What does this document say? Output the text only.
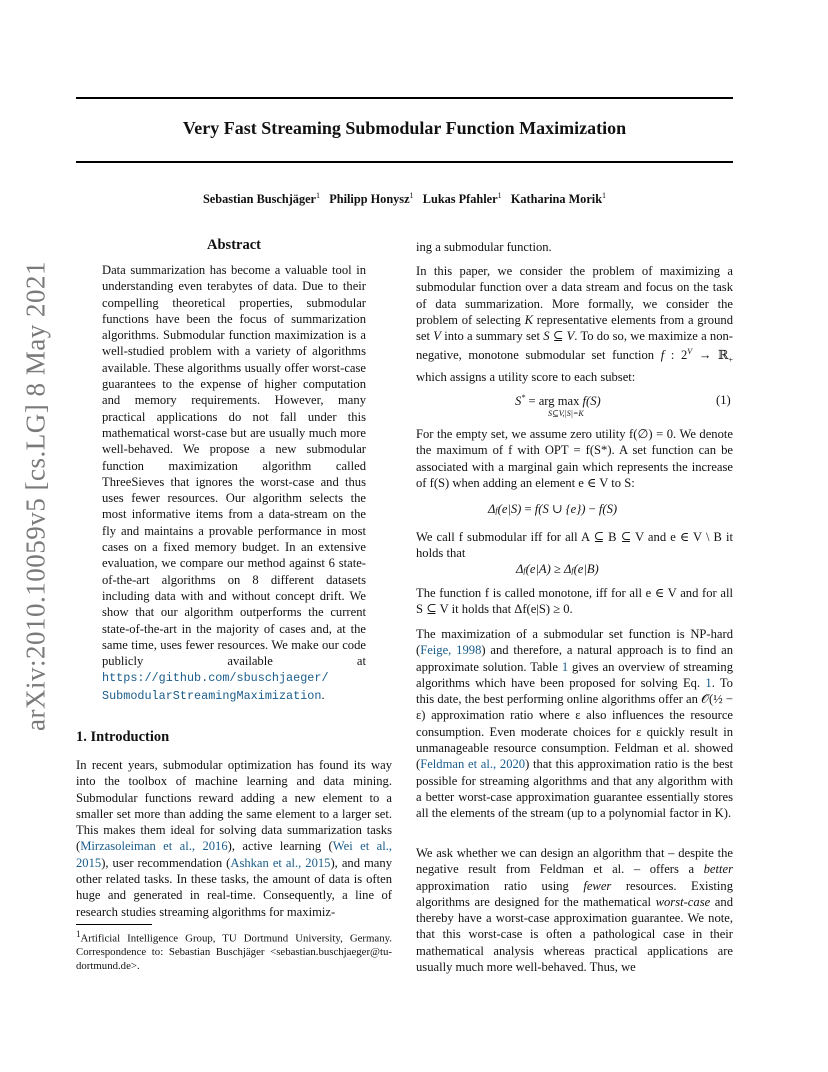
Very Fast Streaming Submodular Function Maximization
Sebastian Buschjäger$^1$ Philipp Honysz$^1$ Lukas Pfahler$^1$ Katharina Morik$^1$
arXiv:2010.10059v5 [cs.LG] 8 May 2021
Abstract
Data summarization has become a valuable tool in understanding even terabytes of data. Due to their compelling theoretical properties, submodular functions have been the focus of summarization algorithms. Submodular function maximization is a well-studied problem with a variety of algorithms available. These algorithms usually offer worst-case guarantees to the expense of higher computation and memory requirements. However, many practical applications do not fall under this mathematical worst-case but are usually much more well-behaved. We propose a new submodular function maximization algorithm called ThreeSieves that ignores the worst-case and thus uses fewer resources. Our algorithm selects the most informative items from a data-stream on the fly and maintains a provable performance in most cases on a fixed memory budget. In an extensive evaluation, we compare our method against 6 state-of-the-art algorithms on 8 different datasets including data with and without concept drift. We show that our algorithm outperforms the current state-of-the-art in the majority of cases and, at the same time, uses fewer resources. We make our code publicly available at https://github.com/sbuschjaeger/
SubmodularStreamingMaximization.
1. Introduction

In recent years, submodular optimization has found its way into the toolbox of machine learning and data mining. Submodular functions reward adding a new element to a smaller set more than adding the same element to a larger set. This makes them ideal for solving data summarization tasks (Mirzasoleiman et al., 2016), active learning (Wei et al., 2015), user recommendation (Ashkan et al., 2015), and many other related tasks. In these tasks, the amount of data is often huge and generated in real-time. Consequently, a line of research studies streaming algorithms for maximiz-

$^1$Artificial Intelligence Group, TU Dortmund University, Germany. Correspondence to: Sebastian Buschjäger <sebastian.buschjaeger@tu-dortmund.de>.

ing a submodular function.

In this paper, we consider the problem of maximizing a submodular function over a data stream and focus on the task of data summarization. More formally, we consider the problem of selecting K representative elements from a ground set V into a summary set S ⊆ V. To do so, we maximize a non-negative, monotone submodular set function f : $2^V$ → ℝ$_+$ which assigns a utility score to each subset:

S* = arg max f(S)
S⊆V,|S|=K
(1)

For the empty set, we assume zero utility f(∅) = 0. We denote the maximum of f with OPT = f(S*). A set function can be associated with a marginal gain which represents the increase of f(S) when adding an element e ∈ V to S:

Δf(e|S) = f(S ∪ {e}) − f(S)

We call f submodular iff for all A ⊆ B ⊆ V and e ∈ V \ B it holds that

Δf(e|A) ≥ Δf(e|B)

The function f is called monotone, iff for all e ∈ V and for all S ⊆ V it holds that Δf(e|S) ≥ 0.

The maximization of a submodular set function is NP-hard (Feige, 1998) and therefore, a natural approach is to find an approximate solution. Table 1 gives an overview of streaming algorithms which have been proposed for solving Eq. 1. To this date, the best performing online algorithms offer an 𝒪(½ − ε) approximation ratio where ε also influences the resource consumption. Even moderate choices for ε quickly result in unmanageable resource consumption. Feldman et al. showed (Feldman et al., 2020) that this approximation ratio is the best possible for streaming algorithms and that any algorithm with a better worst-case approximation guarantee essentially stores all the elements of the stream (up to a polynomial factor in K).

We ask whether we can design an algorithm that – despite the negative result from Feldman et al. – offers a better approximation ratio using fewer resources. Existing algorithms are designed for the mathematical worst-case and thereby have a worst-case approximation guarantee. We note, that this worst-case is often a pathological case in their mathematical analysis whereas practical applications are usually much more well-behaved. Thus, we
